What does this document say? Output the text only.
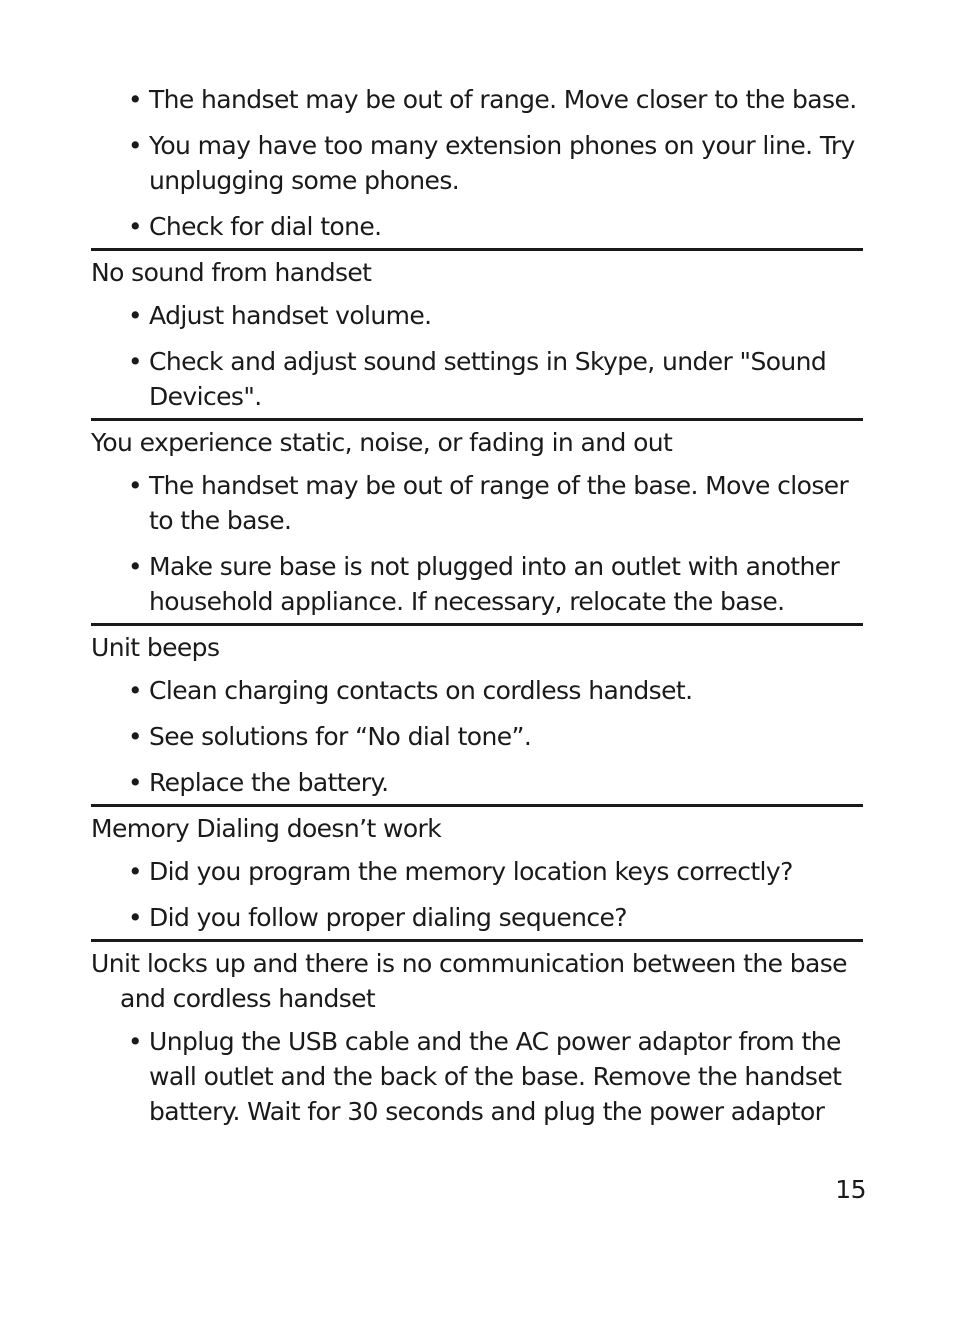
• The handset may be out of range. Move closer to the base.
• You may have too many extension phones on your line. Try unplugging some phones.
• Check for dial tone.
No sound from handset
• Adjust handset volume.
• Check and adjust sound settings in Skype, under "Sound Devices".
You experience static, noise, or fading in and out
• The handset may be out of range of the base. Move closer to the base.
• Make sure base is not plugged into an outlet with another household appliance. If necessary, relocate the base.
Unit beeps
• Clean charging contacts on cordless handset.
• See solutions for “No dial tone”.
• Replace the battery.
Memory Dialing doesn’t work
• Did you program the memory location keys correctly?
• Did you follow proper dialing sequence?
Unit locks up and there is no communication between the base and cordless handset
• Unplug the USB cable and the AC power adaptor from the wall outlet and the back of the base. Remove the handset battery. Wait for 30 seconds and plug the power adaptor
15
